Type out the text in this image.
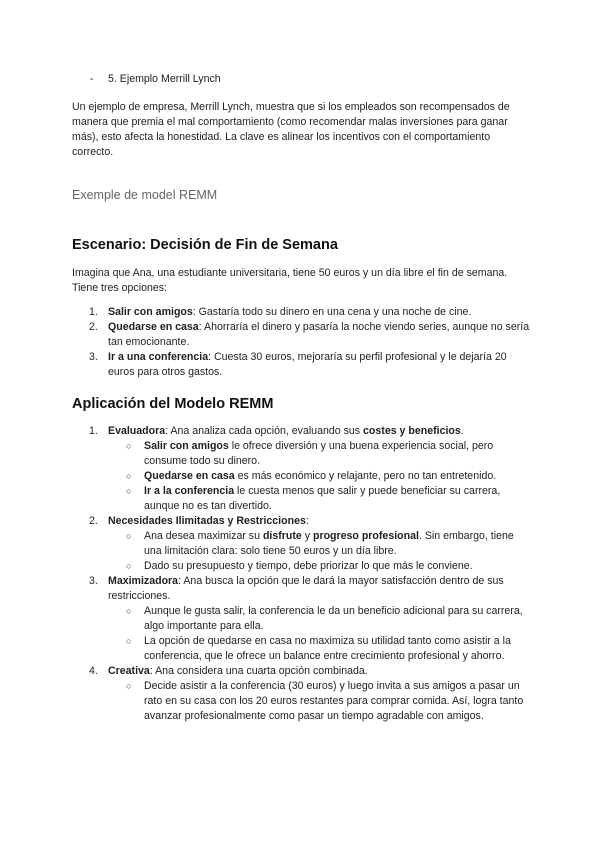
- 5. Ejemplo Merrill Lynch

Un ejemplo de empresa, Merrill Lynch, muestra que si los empleados son recompensados de manera que premia el mal comportamiento (como recomendar malas inversiones para ganar más), esto afecta la honestidad. La clave es alinear los incentivos con el comportamiento correcto.

Exemple de model REMM
Escenario: Decisión de Fin de Semana

Imagina que Ana, una estudiante universitaria, tiene 50 euros y un día libre el fin de semana. Tiene tres opciones:

1. Salir con amigos: Gastaría todo su dinero en una cena y una noche de cine.
2. Quedarse en casa: Ahorraría el dinero y pasaría la noche viendo series, aunque no sería tan emocionante.
3. Ir a una conferencia: Cuesta 30 euros, mejoraría su perfil profesional y le dejaría 20 euros para otros gastos.
Aplicación del Modelo REMM
1. Evaluadora: Ana analiza cada opción, evaluando sus costes y beneficios.
○ Salir con amigos le ofrece diversión y una buena experiencia social, pero consume todo su dinero.
○ Quedarse en casa es más económico y relajante, pero no tan entretenido.
○ Ir a la conferencia le cuesta menos que salir y puede beneficiar su carrera, aunque no es tan divertido.
2. Necesidades Ilimitadas y Restricciones:
○ Ana desea maximizar su disfrute y progreso profesional. Sin embargo, tiene una limitación clara: solo tiene 50 euros y un día libre.
○ Dado su presupuesto y tiempo, debe priorizar lo que más le conviene.
3. Maximizadora: Ana busca la opción que le dará la mayor satisfacción dentro de sus restricciones.
○ Aunque le gusta salir, la conferencia le da un beneficio adicional para su carrera, algo importante para ella.
○ La opción de quedarse en casa no maximiza su utilidad tanto como asistir a la conferencia, que le ofrece un balance entre crecimiento profesional y ahorro.
4. Creativa: Ana considera una cuarta opción combinada.
○ Decide asistir a la conferencia (30 euros) y luego invita a sus amigos a pasar un rato en su casa con los 20 euros restantes para comprar comida. Así, logra tanto avanzar profesionalmente como pasar un tiempo agradable con amigos.
